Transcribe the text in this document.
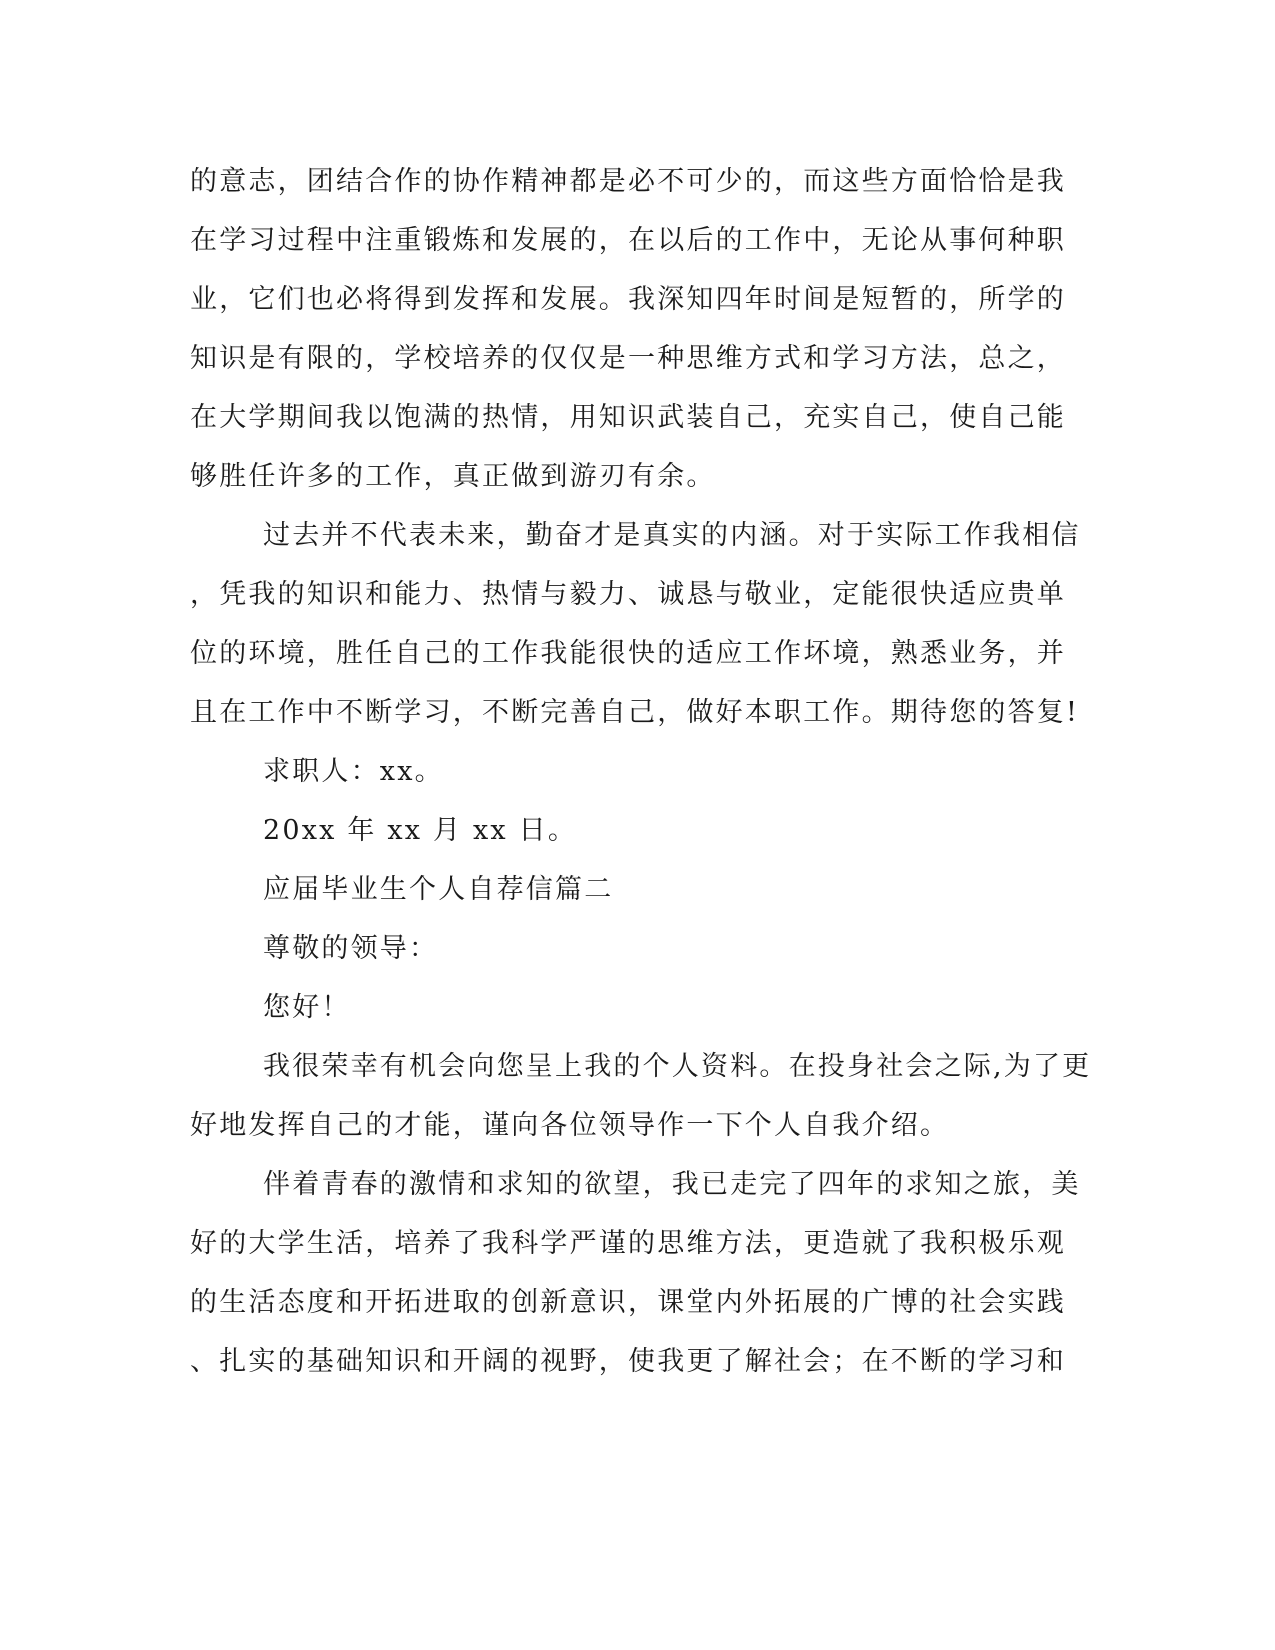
的意志，团结合作的协作精神都是必不可少的，而这些方面恰恰是我
在学习过程中注重锻炼和发展的，在以后的工作中，无论从事何种职
业，它们也必将得到发挥和发展。我深知四年时间是短暂的，所学的
知识是有限的，学校培养的仅仅是一种思维方式和学习方法，总之，
在大学期间我以饱满的热情，用知识武装自己，充实自己，使自己能
够胜任许多的工作，真正做到游刃有余。
过去并不代表未来，勤奋才是真实的内涵。对于实际工作我相信
，凭我的知识和能力、热情与毅力、诚恳与敬业，定能很快适应贵单
位的环境，胜任自己的工作我能很快的适应工作坏境，熟悉业务，并
且在工作中不断学习，不断完善自己，做好本职工作。期待您的答复!
求职人：xx。
20xx 年 xx 月 xx 日。
应届毕业生个人自荐信篇二
尊敬的领导：
您好！
我很荣幸有机会向您呈上我的个人资料。在投身社会之际,为了更
好地发挥自己的才能，谨向各位领导作一下个人自我介绍。
伴着青春的激情和求知的欲望，我已走完了四年的求知之旅，美
好的大学生活，培养了我科学严谨的思维方法，更造就了我积极乐观
的生活态度和开拓进取的创新意识，课堂内外拓展的广博的社会实践
、扎实的基础知识和开阔的视野，使我更了解社会；在不断的学习和
